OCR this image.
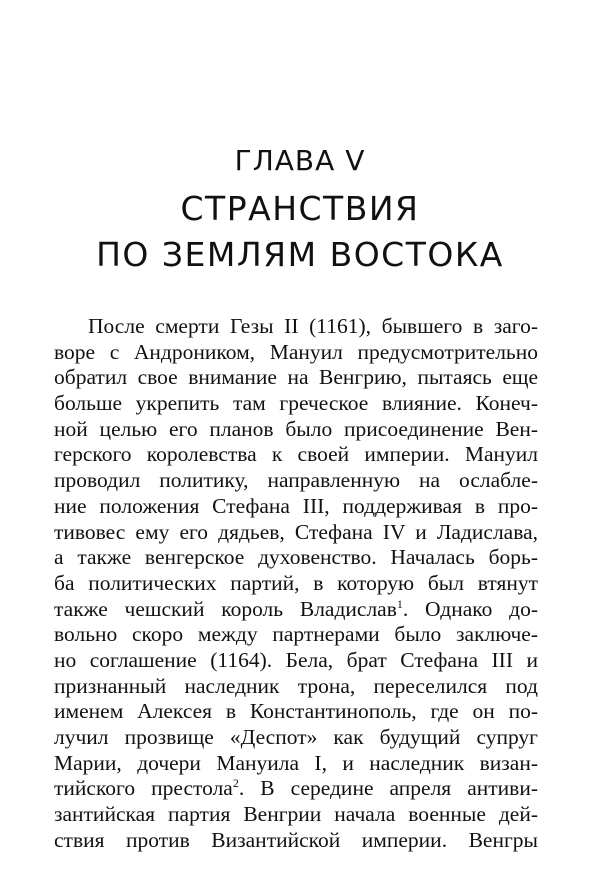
ГЛАВА V
СТРАНСТВИЯ
ПО ЗЕМЛЯМ ВОСТОКА
После смерти Гезы II (1161), бывшего в заго-
воре с Андроником, Мануил предусмотрительно
обратил свое внимание на Венгрию, пытаясь еще
больше укрепить там греческое влияние. Конеч-
ной целью его планов было присоединение Вен-
герского королевства к своей империи. Мануил
проводил политику, направленную на ослабле-
ние положения Стефана III, поддерживая в про-
тивовес ему его дядьев, Стефана IV и Ладислава,
а также венгерское духовенство. Началась борь-
ба политических партий, в которую был втянут
также чешский король Владислав$^1$. Однако до-
вольно скоро между партнерами было заключе-
но соглашение (1164). Бела, брат Стефана III и
признанный наследник трона, переселился под
именем Алексея в Константинополь, где он по-
лучил прозвище «Деспот» как будущий супруг
Марии, дочери Мануила I, и наследник визан-
тийского престола$^2$. В середине апреля антиви-
зантийская партия Венгрии начала военные дей-
ствия против Византийской империи. Венгры
